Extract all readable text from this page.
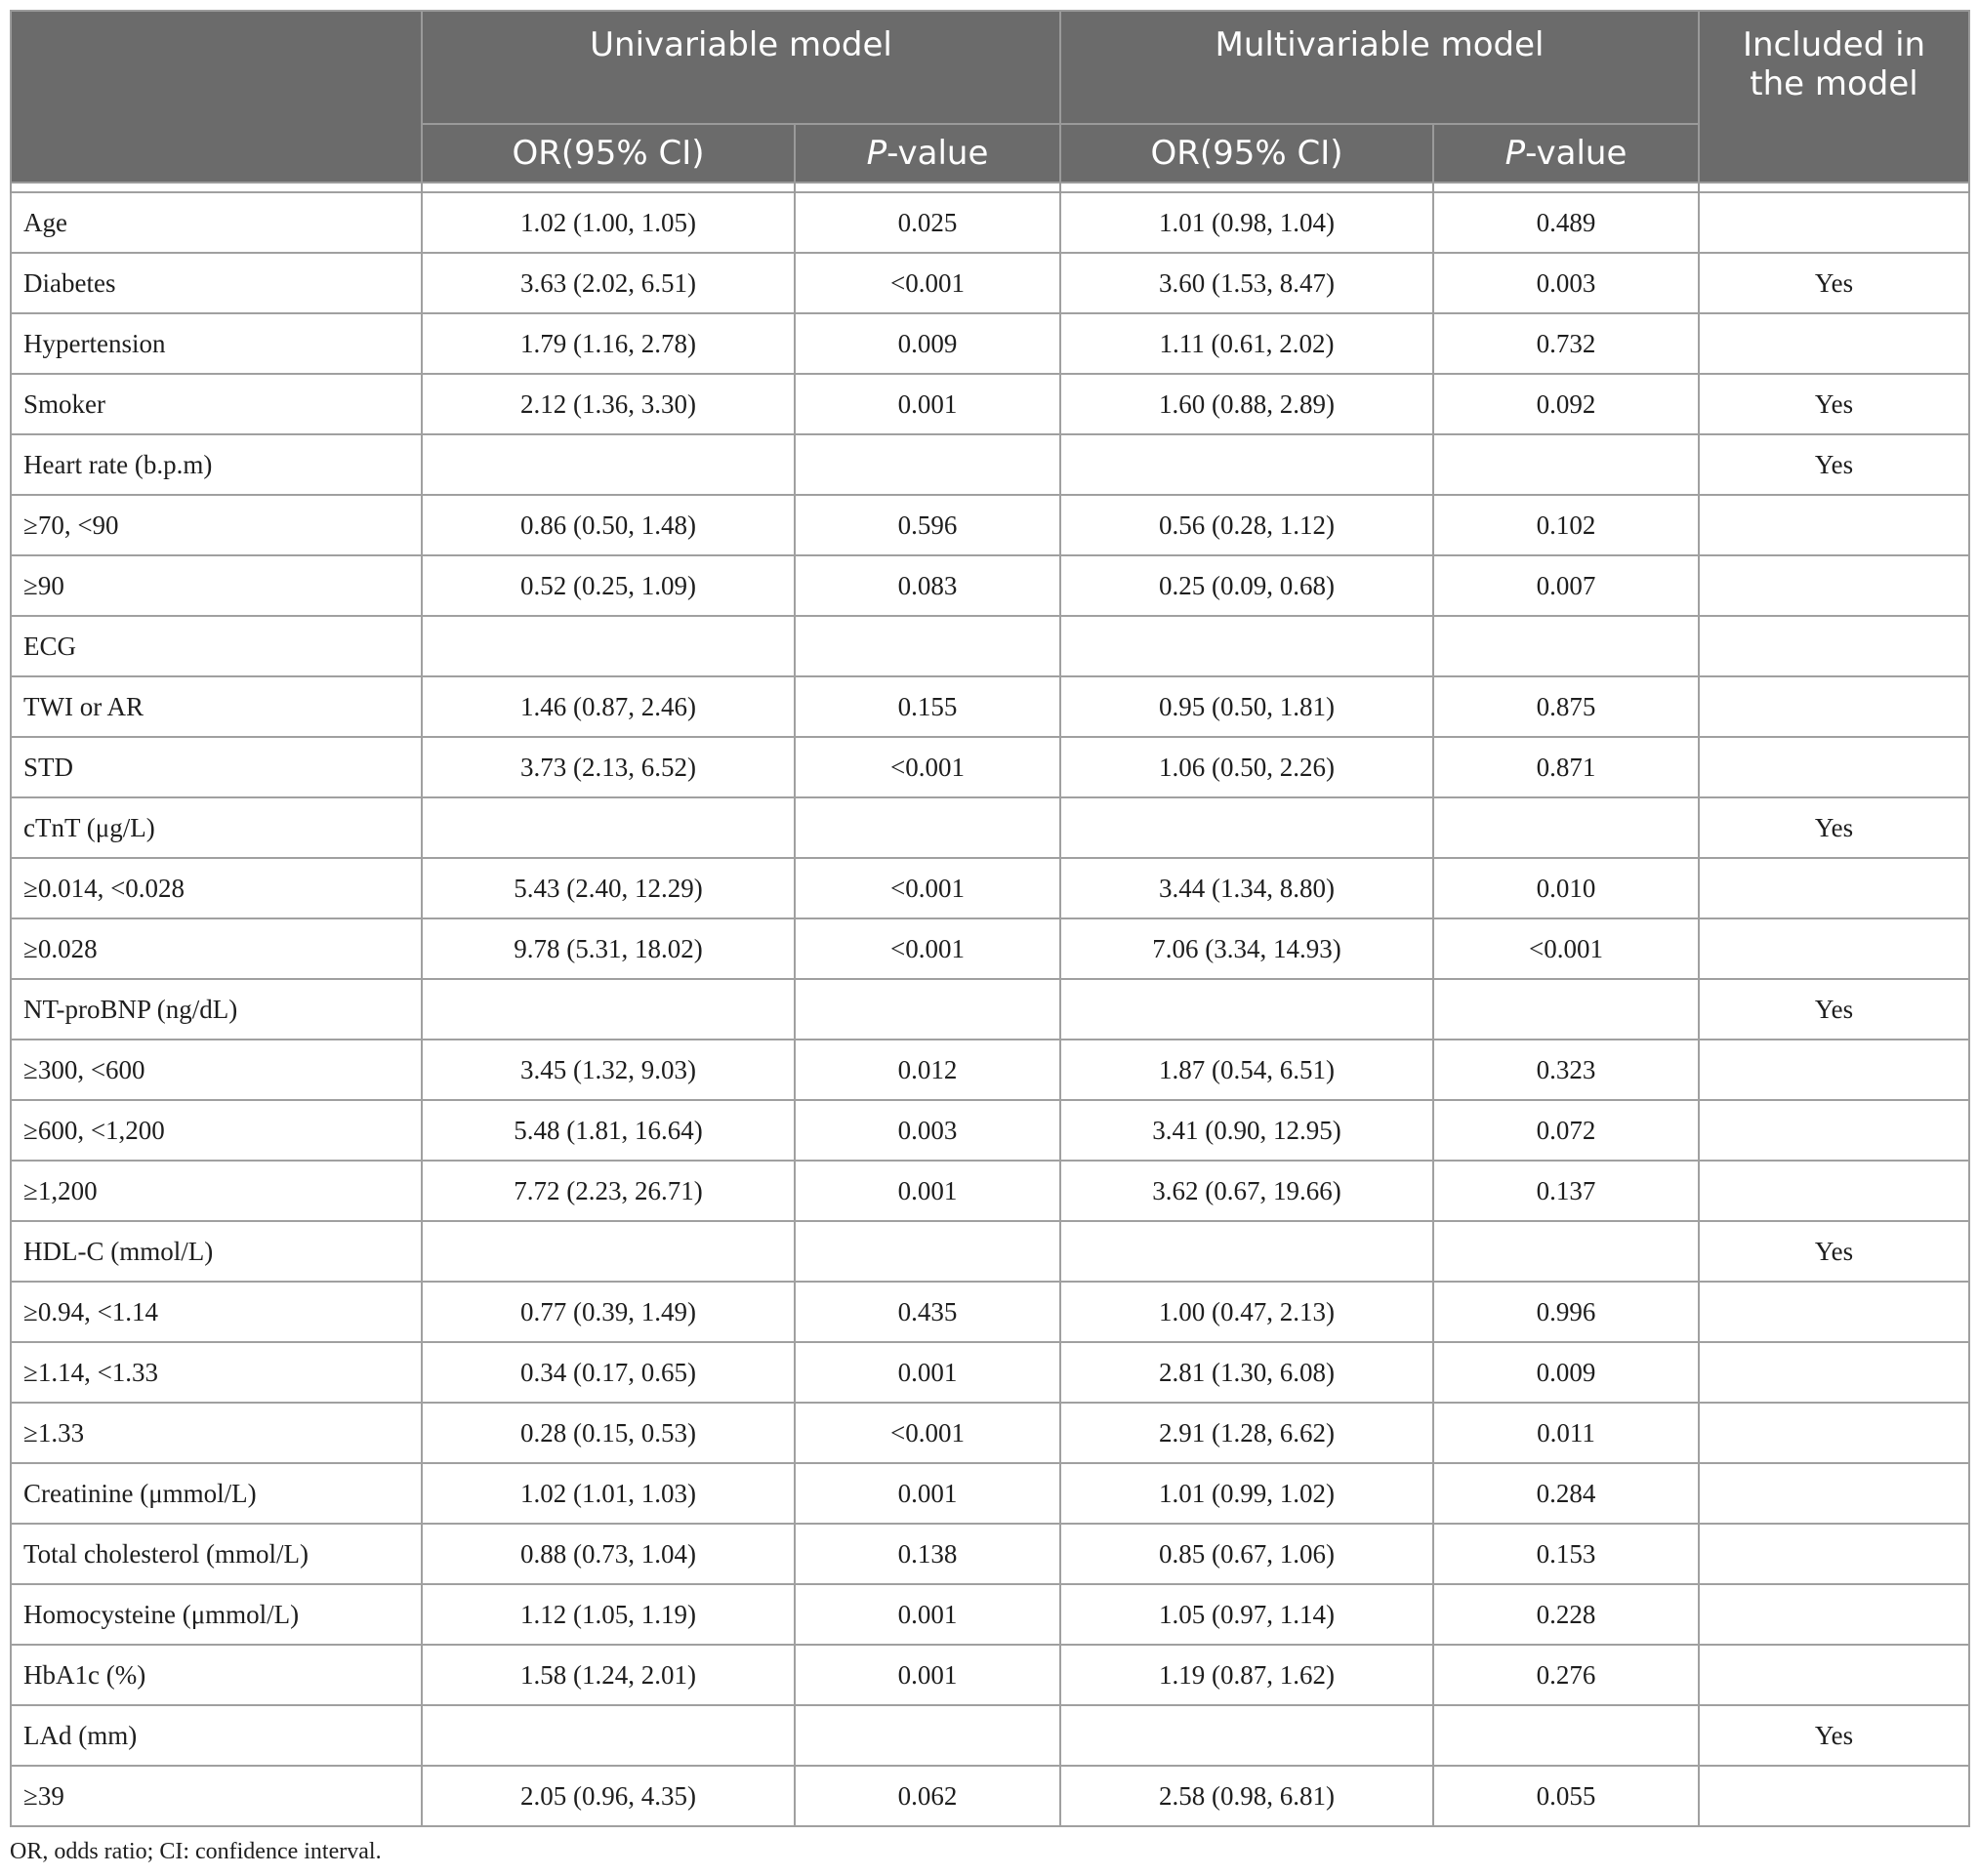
	Univariable model		Multivariable model		Included in
the model

	OR(95% CI)	P-value	OR(95% CI)	P-value	

Age	1.02 (1.00, 1.05)	0.025	1.01 (0.98, 1.04)	0.489	
Diabetes	3.63 (2.02, 6.51)	<0.001	3.60 (1.53, 8.47)	0.003	Yes
Hypertension	1.79 (1.16, 2.78)	0.009	1.11 (0.61, 2.02)	0.732	
Smoker	2.12 (1.36, 3.30)	0.001	1.60 (0.88, 2.89)	0.092	Yes
Heart rate (b.p.m)					Yes
≥70, <90	0.86 (0.50, 1.48)	0.596	0.56 (0.28, 1.12)	0.102	
≥90	0.52 (0.25, 1.09)	0.083	0.25 (0.09, 0.68)	0.007	
ECG					
TWI or AR	1.46 (0.87, 2.46)	0.155	0.95 (0.50, 1.81)	0.875	
STD	3.73 (2.13, 6.52)	<0.001	1.06 (0.50, 2.26)	0.871	
cTnT (μg/L)					Yes
≥0.014, <0.028	5.43 (2.40, 12.29)	<0.001	3.44 (1.34, 8.80)	0.010	
≥0.028	9.78 (5.31, 18.02)	<0.001	7.06 (3.34, 14.93)	<0.001	
NT-proBNP (ng/dL)					Yes
≥300, <600	3.45 (1.32, 9.03)	0.012	1.87 (0.54, 6.51)	0.323	
≥600, <1,200	5.48 (1.81, 16.64)	0.003	3.41 (0.90, 12.95)	0.072	
≥1,200	7.72 (2.23, 26.71)	0.001	3.62 (0.67, 19.66)	0.137	
HDL-C (mmol/L)					Yes
≥0.94, <1.14	0.77 (0.39, 1.49)	0.435	1.00 (0.47, 2.13)	0.996	
≥1.14, <1.33	0.34 (0.17, 0.65)	0.001	2.81 (1.30, 6.08)	0.009	
≥1.33	0.28 (0.15, 0.53)	<0.001	2.91 (1.28, 6.62)	0.011	
Creatinine (μmmol/L)	1.02 (1.01, 1.03)	0.001	1.01 (0.99, 1.02)	0.284	
Total cholesterol (mmol/L)	0.88 (0.73, 1.04)	0.138	0.85 (0.67, 1.06)	0.153	
Homocysteine (μmmol/L)	1.12 (1.05, 1.19)	0.001	1.05 (0.97, 1.14)	0.228	
HbA1c (%)	1.58 (1.24, 2.01)	0.001	1.19 (0.87, 1.62)	0.276	
LAd (mm)					Yes
≥39	2.05 (0.96, 4.35)	0.062	2.58 (0.98, 6.81)	0.055	
OR, odds ratio; CI: confidence interval.
